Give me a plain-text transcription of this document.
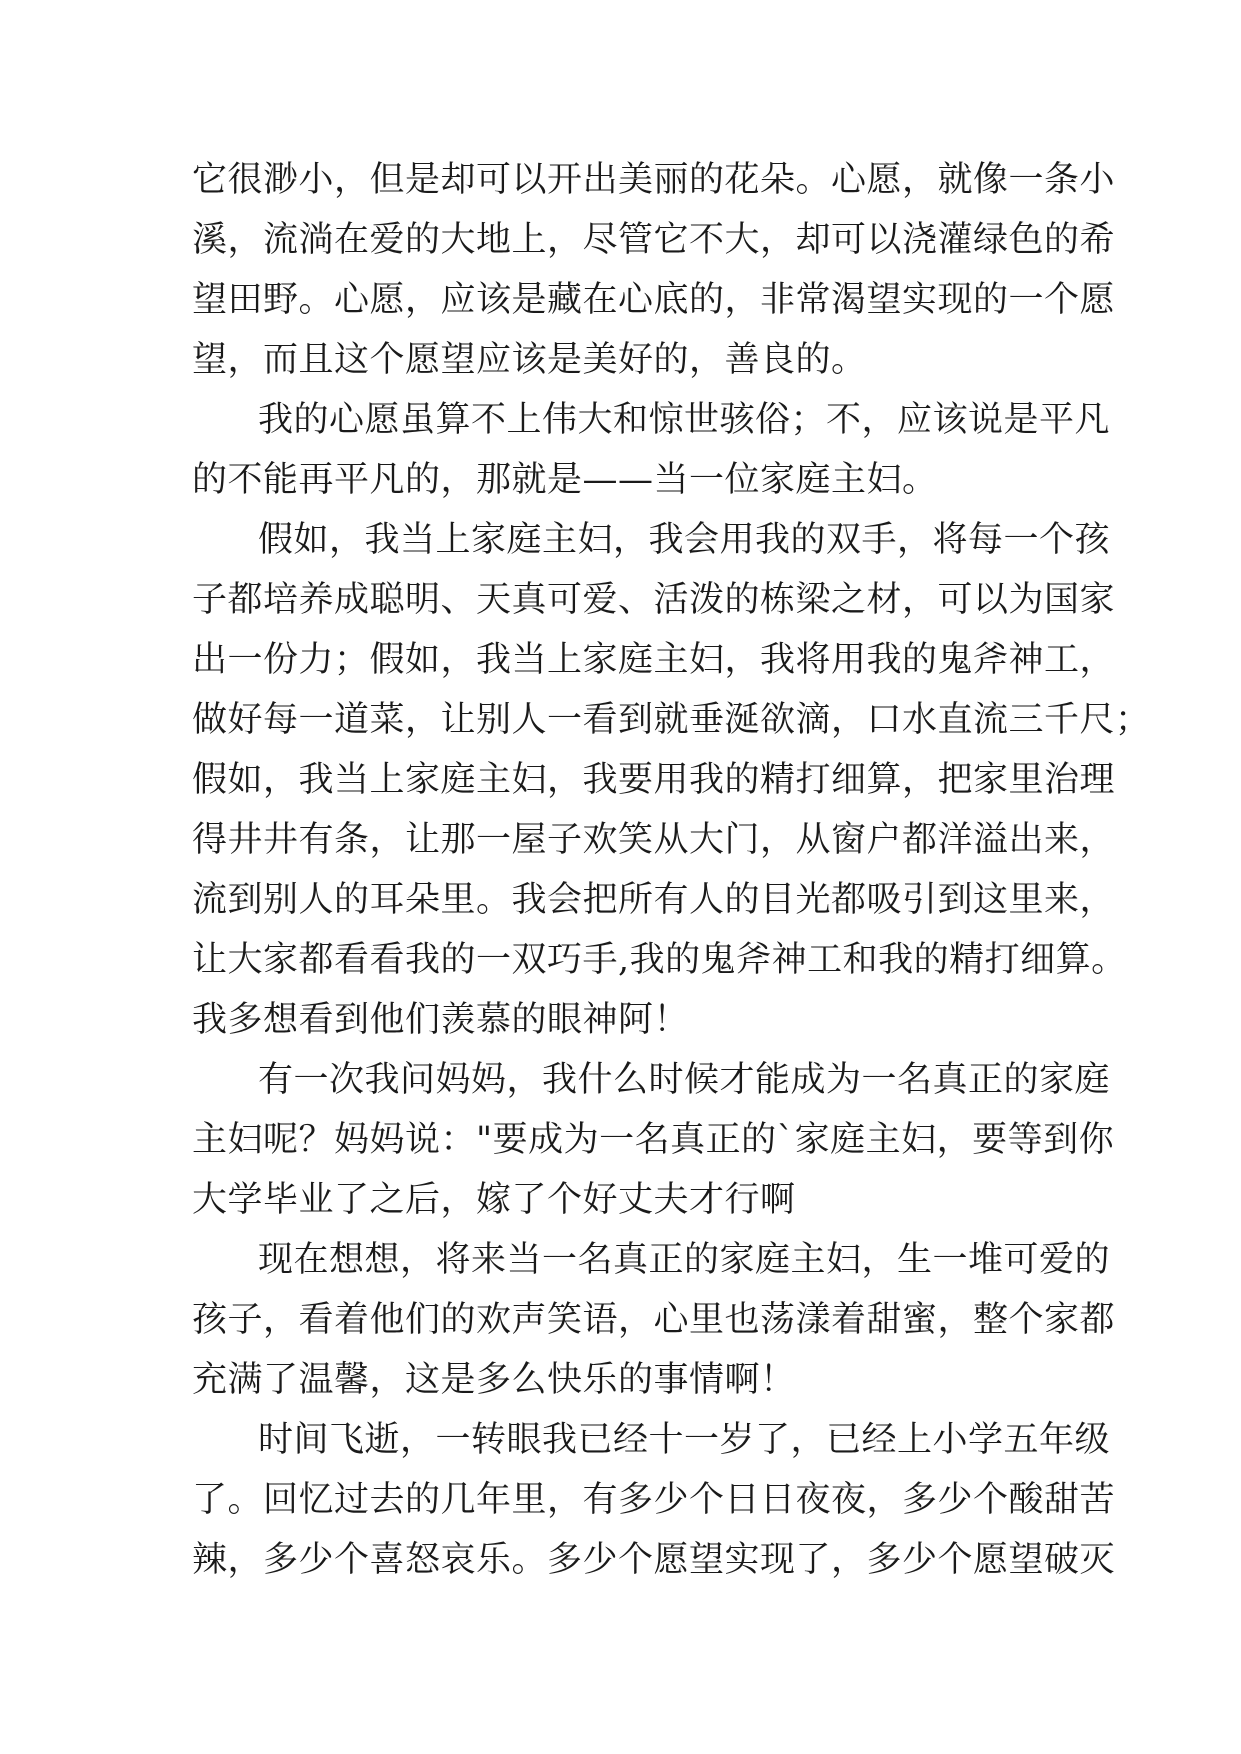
它很渺小，但是却可以开出美丽的花朵。心愿，就像一条小
溪，流淌在爱的大地上，尽管它不大，却可以浇灌绿色的希
望田野。心愿，应该是藏在心底的，非常渴望实现的一个愿
望，而且这个愿望应该是美好的，善良的。
我的心愿虽算不上伟大和惊世骇俗；不，应该说是平凡
的不能再平凡的，那就是——当一位家庭主妇。
假如，我当上家庭主妇，我会用我的双手，将每一个孩
子都培养成聪明、天真可爱、活泼的栋梁之材，可以为国家
出一份力；假如，我当上家庭主妇，我将用我的鬼斧神工，
做好每一道菜，让别人一看到就垂涎欲滴，口水直流三千尺；
假如，我当上家庭主妇，我要用我的精打细算，把家里治理
得井井有条，让那一屋子欢笑从大门，从窗户都洋溢出来，
流到别人的耳朵里。我会把所有人的目光都吸引到这里来，
让大家都看看我的一双巧手,我的鬼斧神工和我的精打细算。
我多想看到他们羡慕的眼神阿！
有一次我问妈妈，我什么时候才能成为一名真正的家庭
主妇呢？妈妈说："要成为一名真正的`家庭主妇，要等到你
大学毕业了之后，嫁了个好丈夫才行啊
现在想想，将来当一名真正的家庭主妇，生一堆可爱的
孩子，看着他们的欢声笑语，心里也荡漾着甜蜜，整个家都
充满了温馨，这是多么快乐的事情啊！
时间飞逝，一转眼我已经十一岁了，已经上小学五年级
了。回忆过去的几年里，有多少个日日夜夜，多少个酸甜苦
辣，多少个喜怒哀乐。多少个愿望实现了，多少个愿望破灭
